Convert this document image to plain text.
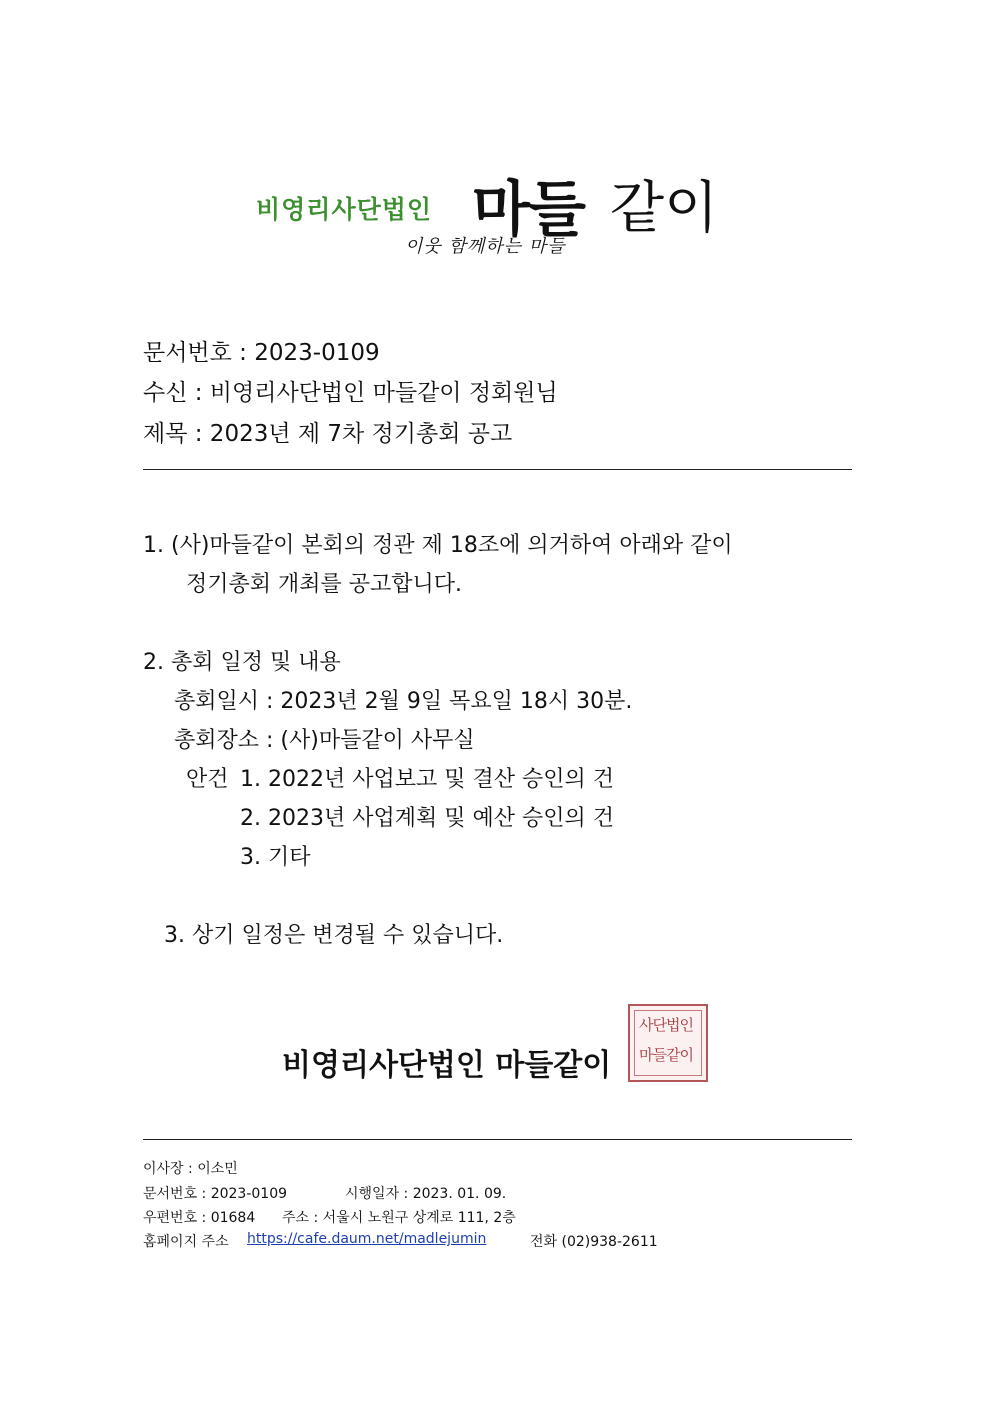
비영리사단법인 마들 같이
이웃 함께하는 마들
문서번호 : 2023-0109
수신 : 비영리사단법인 마들같이 정회원님
제목 : 2023년 제 7차 정기총회 공고
1. (사)마들같이 본회의 정관 제 18조에 의거하여 아래와 같이
정기총회 개최를 공고합니다.
2. 총회 일정 및 내용
총회일시 : 2023년 2월 9일 목요일 18시 30분.
총회장소 : (사)마들같이 사무실
안건 1. 2022년 사업보고 및 결산 승인의 건
2. 2023년 사업계획 및 예산 승인의 건
3. 기타
3. 상기 일정은 변경될 수 있습니다.
비영리사단법인 마들같이
사단법인 마들같이
이사장 : 이소민
문서번호 : 2023-0109	시행일자 : 2023. 01. 09.
우편번호 : 01684 주소 : 서울시 노원구 상계로 111, 2층
홈페이지 주소 https://cafe.daum.net/madlejumin	전화 (02)938-2611
